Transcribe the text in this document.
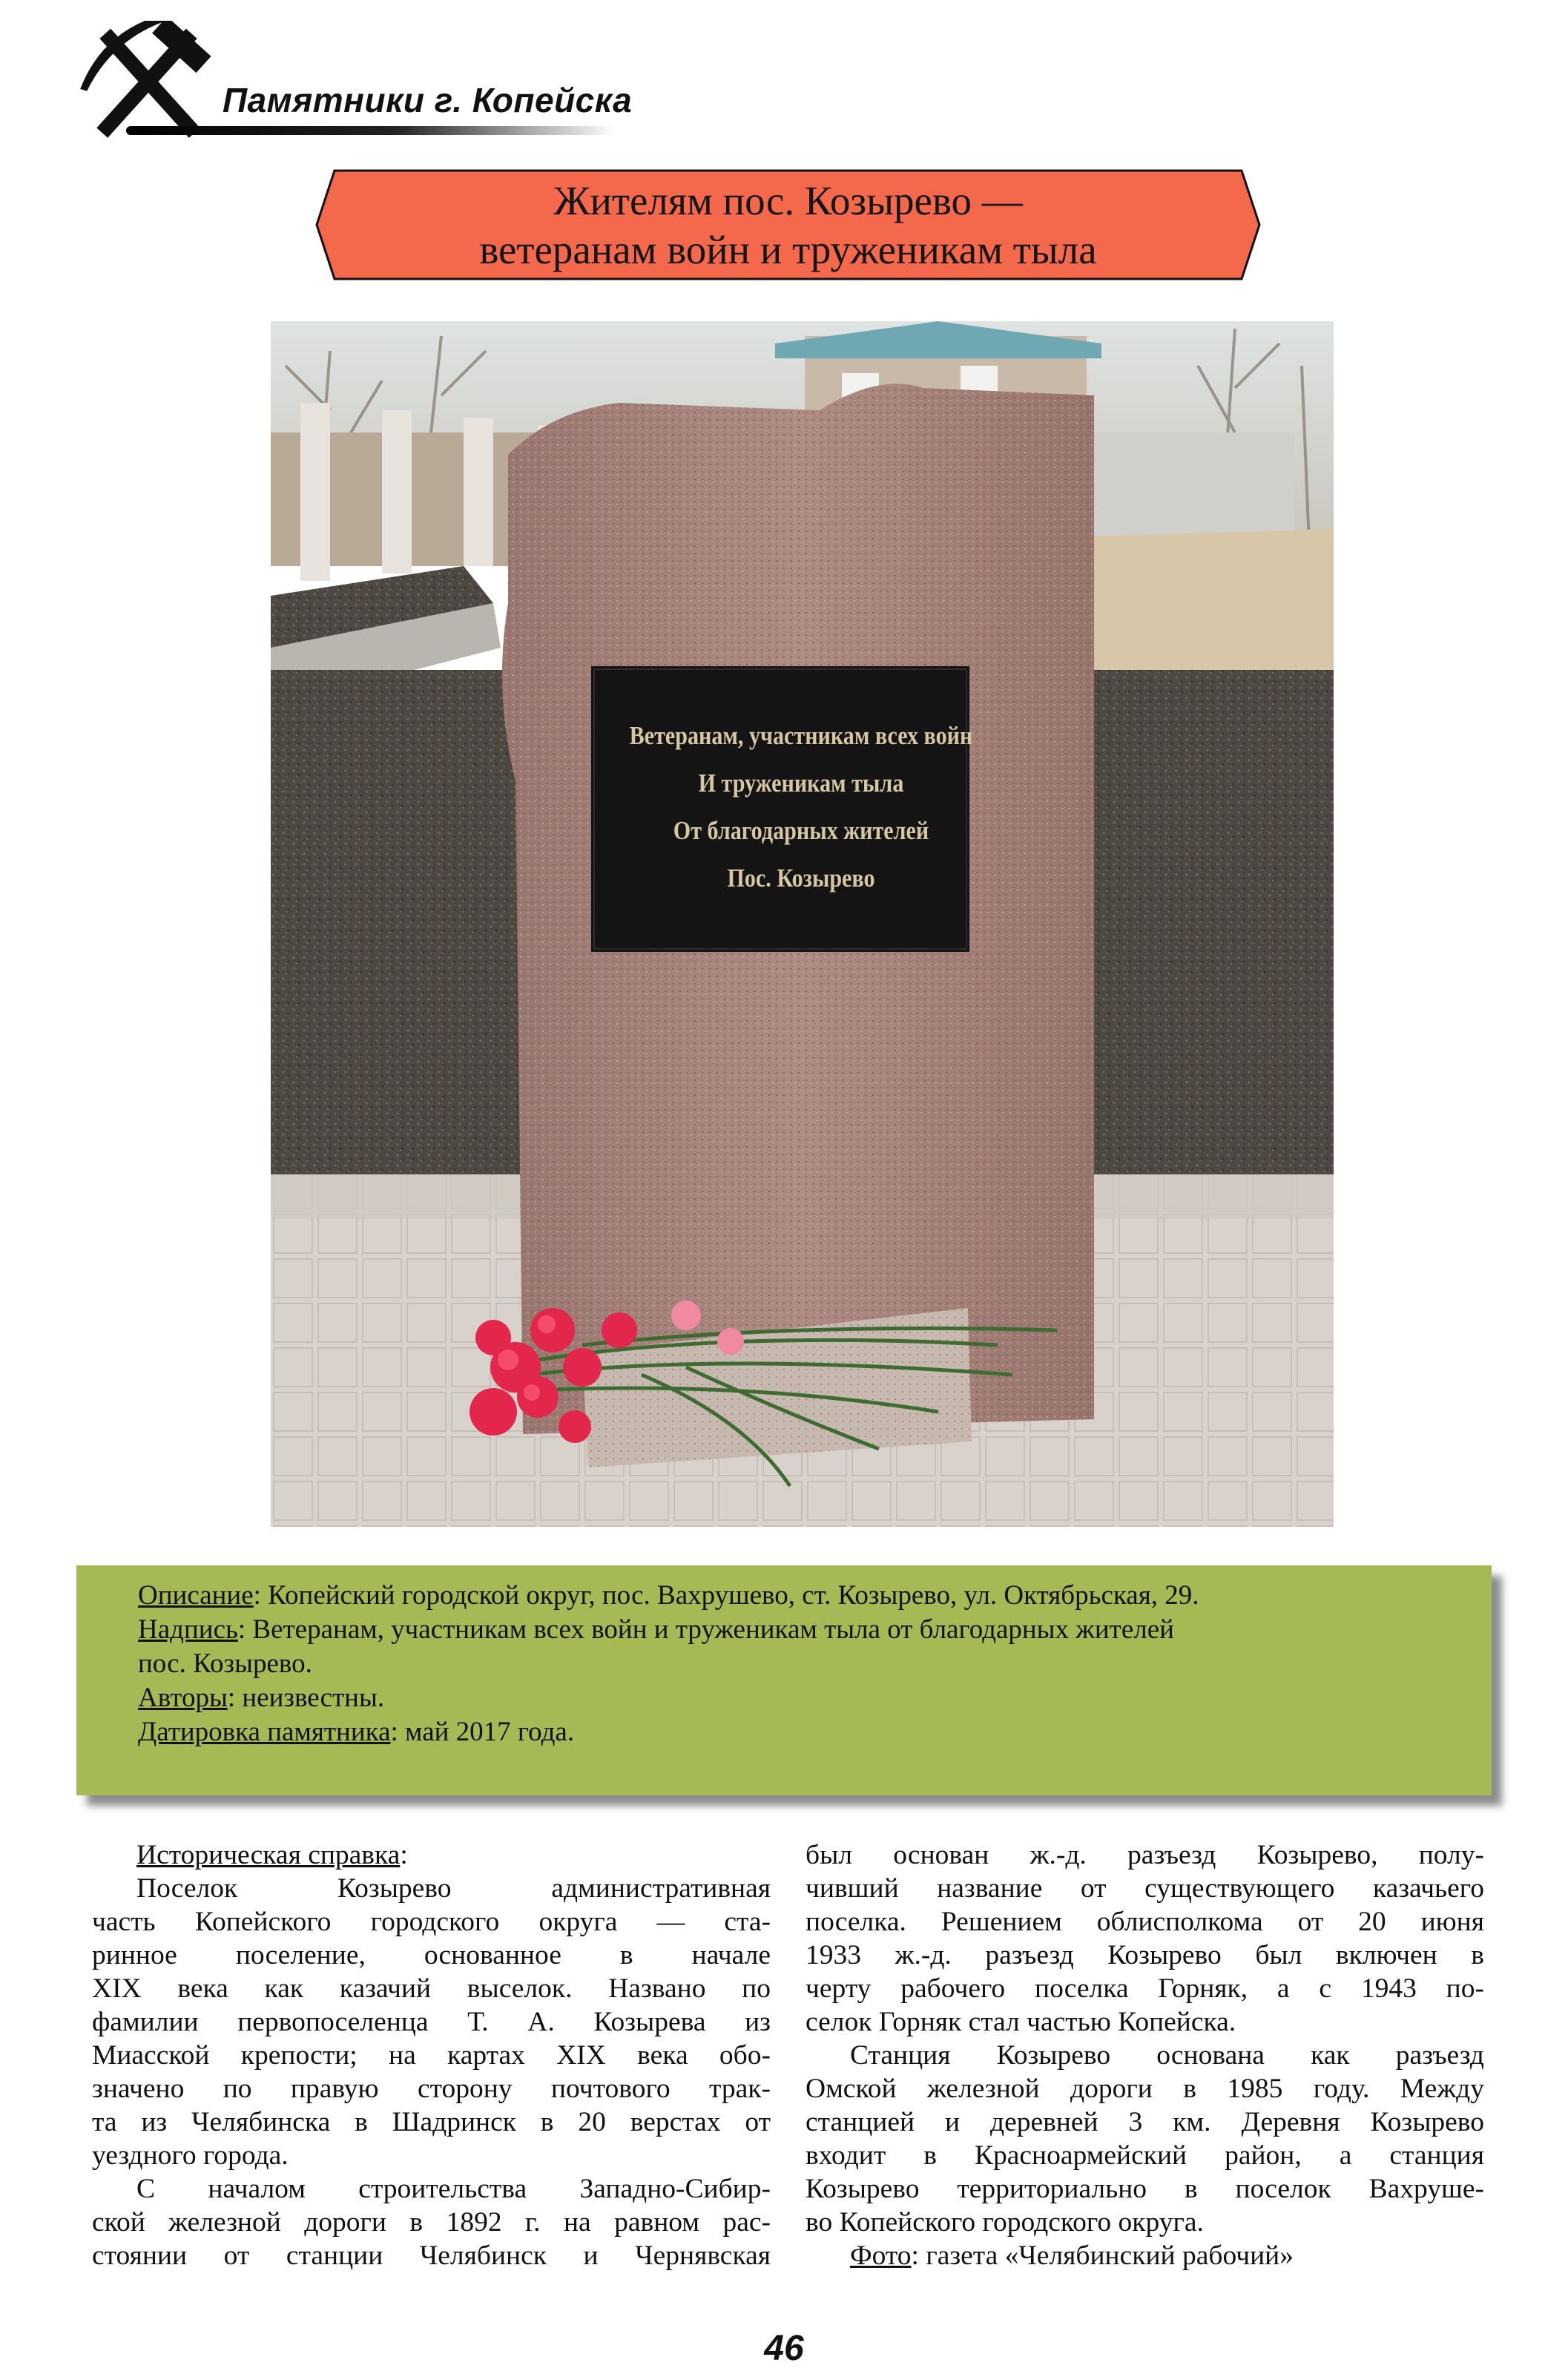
Памятники г. Копейска
Жителям пос. Козырево —
ветеранам войн и труженикам тыла
Ветеранам, участникам всех войн
И труженикам тыла
От благодарных жителей
Пос. Козырево
Описание: Копейский городской округ, пос. Вахрушево, ст. Козырево, ул. Октябрьская, 29.
Надпись: Ветеранам, участникам всех войн и труженикам тыла от благодарных жителей
пос. Козырево.
Авторы: неизвестны.
Датировка памятника: май 2017 года.
Историческая справка:
Поселок Козырево административная
часть Копейского городского округа — ста-
ринное поселение, основанное в начале
XIX века как казачий выселок. Названо по
фамилии первопоселенца Т. А. Козырева из
Миасской крепости; на картах XIX века обо-
значено по правую сторону почтового трак-
та из Челябинска в Шадринск в 20 верстах от
уездного города.
С началом строительства Западно-Сибир-
ской железной дороги в 1892 г. на равном рас-
стоянии от станции Челябинск и Чернявская
был основан ж.-д. разъезд Козырево, полу-
чивший название от существующего казачьего
поселка. Решением облисполкома от 20 июня
1933 ж.-д. разъезд Козырево был включен в
черту рабочего поселка Горняк, а с 1943 по-
селок Горняк стал частью Копейска.
Станция Козырево основана как разъезд
Омской железной дороги в 1985 году. Между
станцией и деревней 3 км. Деревня Козырево
входит в Красноармейский район, а станция
Козырево территориально в поселок Вахруше-
во Копейского городского округа.
Фото: газета «Челябинский рабочий»
46
